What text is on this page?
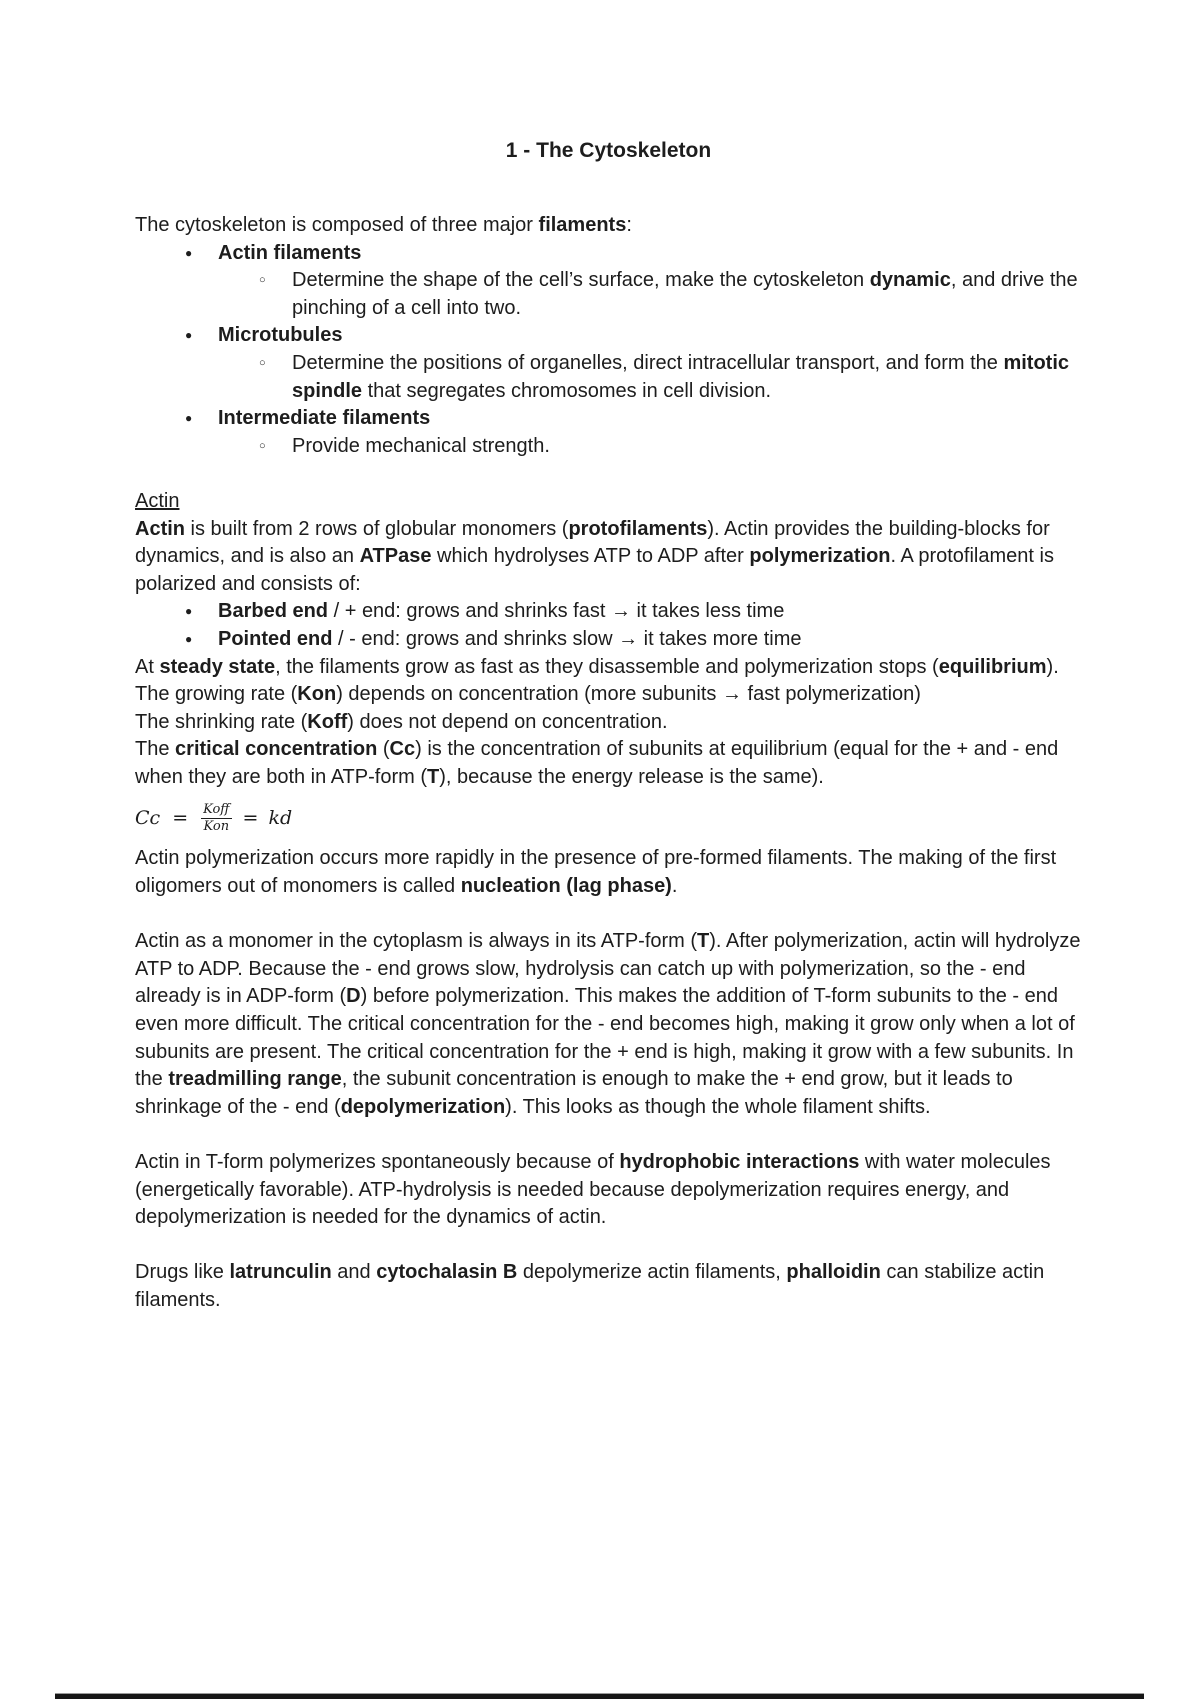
1 - The Cytoskeleton
The cytoskeleton is composed of three major filaments:
●	Actin filaments
○	Determine the shape of the cell’s surface, make the cytoskeleton dynamic, and drive the pinching of a cell into two.
●	Microtubules
○	Determine the positions of organelles, direct intracellular transport, and form the mitotic spindle that segregates chromosomes in cell division.
●	Intermediate filaments
○	Provide mechanical strength.
Actin
Actin is built from 2 rows of globular monomers (protofilaments). Actin provides the building-blocks for dynamics, and is also an ATPase which hydrolyses ATP to ADP after polymerization. A protofilament is polarized and consists of:
●	Barbed end / + end: grows and shrinks fast → it takes less time
●	Pointed end / - end: grows and shrinks slow → it takes more time
At steady state, the filaments grow as fast as they disassemble and polymerization stops (equilibrium).
The growing rate (Kon) depends on concentration (more subunits → fast polymerization)
The shrinking rate (Koff) does not depend on concentration.
The critical concentration (Cc) is the concentration of subunits at equilibrium (equal for the + and - end when they are both in ATP-form (T), because the energy release is the same).
$Cc = \frac{\text{Koff}}{\text{Kon}}$ = kd
Actin polymerization occurs more rapidly in the presence of pre-formed filaments. The making of the first oligomers out of monomers is called nucleation (lag phase).
Actin as a monomer in the cytoplasm is always in its ATP-form (T). After polymerization, actin will hydrolyze ATP to ADP. Because the - end grows slow, hydrolysis can catch up with polymerization, so the - end already is in ADP-form (D) before polymerization. This makes the addition of T-form subunits to the - end even more difficult. The critical concentration for the - end becomes high, making it grow only when a lot of subunits are present. The critical concentration for the + end is high, making it grow with a few subunits. In the treadmilling range, the subunit concentration is enough to make the + end grow, but it leads to shrinkage of the - end (depolymerization). This looks as though the whole filament shifts.
Actin in T-form polymerizes spontaneously because of hydrophobic interactions with water molecules (energetically favorable). ATP-hydrolysis is needed because depolymerization requires energy, and depolymerization is needed for the dynamics of actin.
Drugs like latrunculin and cytochalasin B depolymerize actin filaments, phalloidin can stabilize actin filaments.
